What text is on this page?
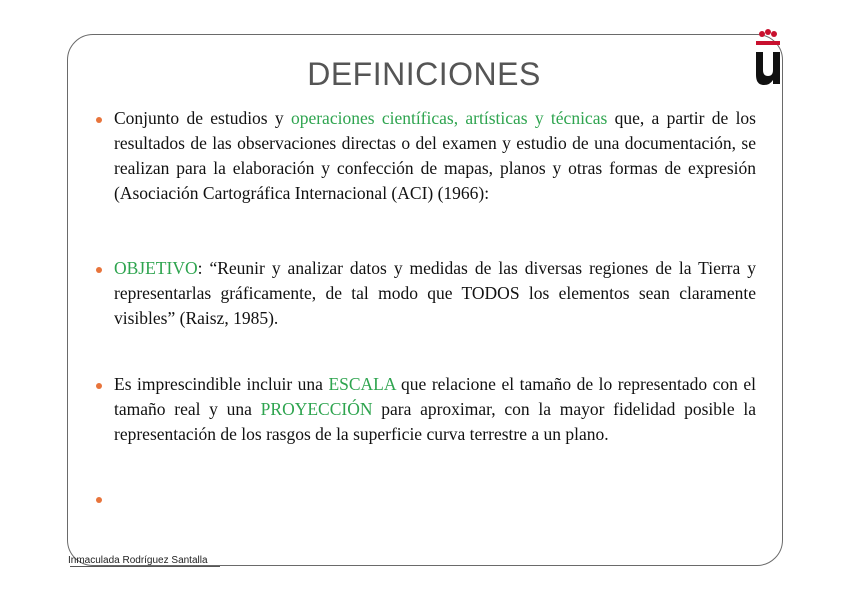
DEFINICIONES

Conjunto de estudios y operaciones científicas, artísticas y técnicas que, a partir de los resultados de las observaciones directas o del examen y estudio de una documentación, se realizan para la elaboración y confección de mapas, planos y otras formas de expresión (Asociación Cartográfica Internacional (ACI) (1966):

OBJETIVO: “Reunir y analizar datos y medidas de las diversas regiones de la Tierra y representarlas gráficamente, de tal modo que TODOS los elementos sean claramente visibles” (Raisz, 1985).

Es imprescindible incluir una ESCALA que relacione el tamaño de lo representado con el tamaño real y una PROYECCIÓN para aproximar, con la mayor fidelidad posible la representación de los rasgos de la superficie curva terrestre a un plano.

Inmaculada Rodríguez Santalla
